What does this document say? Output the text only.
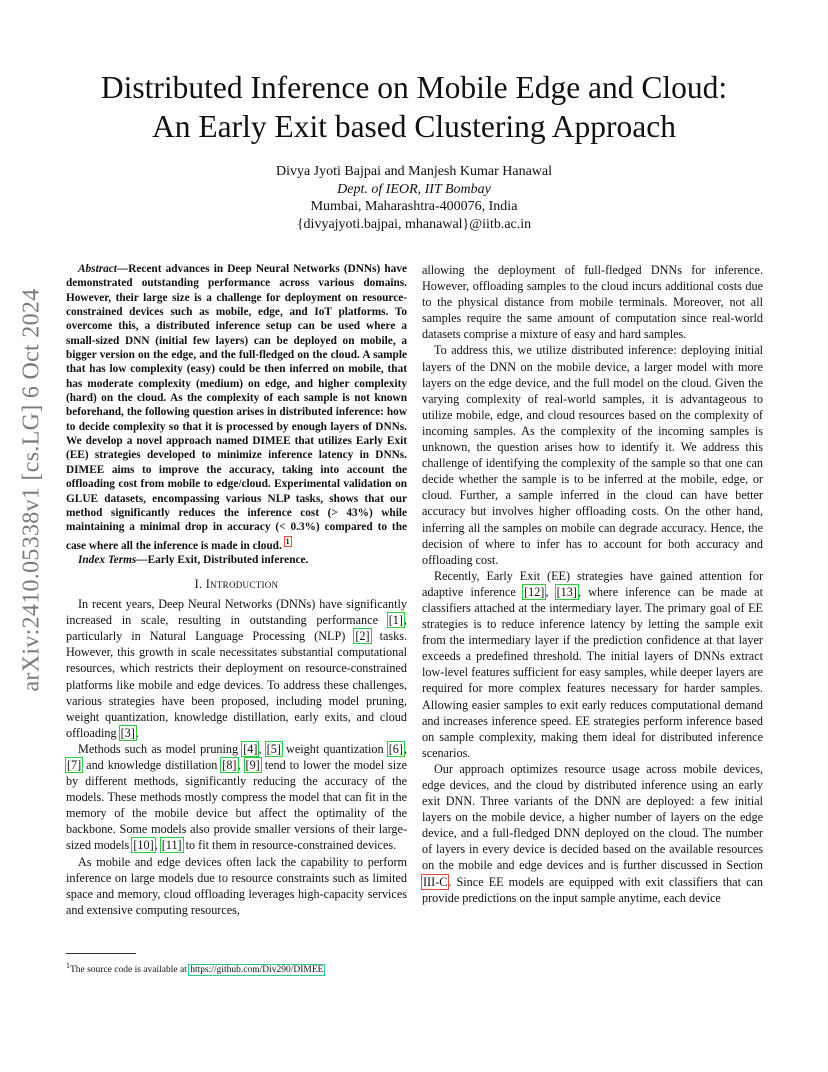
arXiv:2410.05338v1 [cs.LG] 6 Oct 2024
Distributed Inference on Mobile Edge and Cloud:
An Early Exit based Clustering Approach
Divya Jyoti Bajpai and Manjesh Kumar Hanawal
Dept. of IEOR, IIT Bombay
Mumbai, Maharashtra-400076, India
{divyajyoti.bajpai, mhanawal}@iitb.ac.in

Abstract—Recent advances in Deep Neural Networks (DNNs) have demonstrated outstanding performance across various domains. However, their large size is a challenge for deployment on resource-constrained devices such as mobile, edge, and IoT platforms. To overcome this, a distributed inference setup can be used where a small-sized DNN (initial few layers) can be deployed on mobile, a bigger version on the edge, and the full-fledged on the cloud. A sample that has low complexity (easy) could be then inferred on mobile, that has moderate complexity (medium) on edge, and higher complexity (hard) on the cloud. As the complexity of each sample is not known beforehand, the following question arises in distributed inference: how to decide complexity so that it is processed by enough layers of DNNs. We develop a novel approach named DIMEE that utilizes Early Exit (EE) strategies developed to minimize inference latency in DNNs. DIMEE aims to improve the accuracy, taking into account the offloading cost from mobile to edge/cloud. Experimental validation on GLUE datasets, encompassing various NLP tasks, shows that our method significantly reduces the inference cost (> 43%) while maintaining a minimal drop in accuracy (< 0.3%) compared to the case where all the inference is made in cloud. $^1$

Index Terms—Early Exit, Distributed inference.

I. Introduction

In recent years, Deep Neural Networks (DNNs) have significantly increased in scale, resulting in outstanding performance [1], particularly in Natural Language Processing (NLP) [2] tasks. However, this growth in scale necessitates substantial computational resources, which restricts their deployment on resource-constrained platforms like mobile and edge devices. To address these challenges, various strategies have been proposed, including model pruning, weight quantization, knowledge distillation, early exits, and cloud offloading [3].

Methods such as model pruning [4], [5] weight quantization [6], [7] and knowledge distillation [8], [9] tend to lower the model size by different methods, significantly reducing the accuracy of the models. These methods mostly compress the model that can fit in the memory of the mobile device but affect the optimality of the backbone. Some models also provide smaller versions of their large-sized models [10], [11] to fit them in resource-constrained devices.

As mobile and edge devices often lack the capability to perform inference on large models due to resource constraints such as limited space and memory, cloud offloading leverages high-capacity services and extensive computing resources,

$^1$The source code is available at https://github.com/Div290/DIMEE

allowing the deployment of full-fledged DNNs for inference. However, offloading samples to the cloud incurs additional costs due to the physical distance from mobile terminals. Moreover, not all samples require the same amount of computation since real-world datasets comprise a mixture of easy and hard samples.

To address this, we utilize distributed inference: deploying initial layers of the DNN on the mobile device, a larger model with more layers on the edge device, and the full model on the cloud. Given the varying complexity of real-world samples, it is advantageous to utilize mobile, edge, and cloud resources based on the complexity of incoming samples. As the complexity of the incoming samples is unknown, the question arises how to identify it. We address this challenge of identifying the complexity of the sample so that one can decide whether the sample is to be inferred at the mobile, edge, or cloud. Further, a sample inferred in the cloud can have better accuracy but involves higher offloading costs. On the other hand, inferring all the samples on mobile can degrade accuracy. Hence, the decision of where to infer has to account for both accuracy and offloading cost.

Recently, Early Exit (EE) strategies have gained attention for adaptive inference [12], [13], where inference can be made at classifiers attached at the intermediary layer. The primary goal of EE strategies is to reduce inference latency by letting the sample exit from the intermediary layer if the prediction confidence at that layer exceeds a predefined threshold. The initial layers of DNNs extract low-level features sufficient for easy samples, while deeper layers are required for more complex features necessary for harder samples. Allowing easier samples to exit early reduces computational demand and increases inference speed. EE strategies perform inference based on sample complexity, making them ideal for distributed inference scenarios.

Our approach optimizes resource usage across mobile devices, edge devices, and the cloud by distributed inference using an early exit DNN. Three variants of the DNN are deployed: a few initial layers on the mobile device, a higher number of layers on the edge device, and a full-fledged DNN deployed on the cloud. The number of layers in every device is decided based on the available resources on the mobile and edge devices and is further discussed in Section III-C. Since EE models are equipped with exit classifiers that can provide predictions on the input sample anytime, each device
